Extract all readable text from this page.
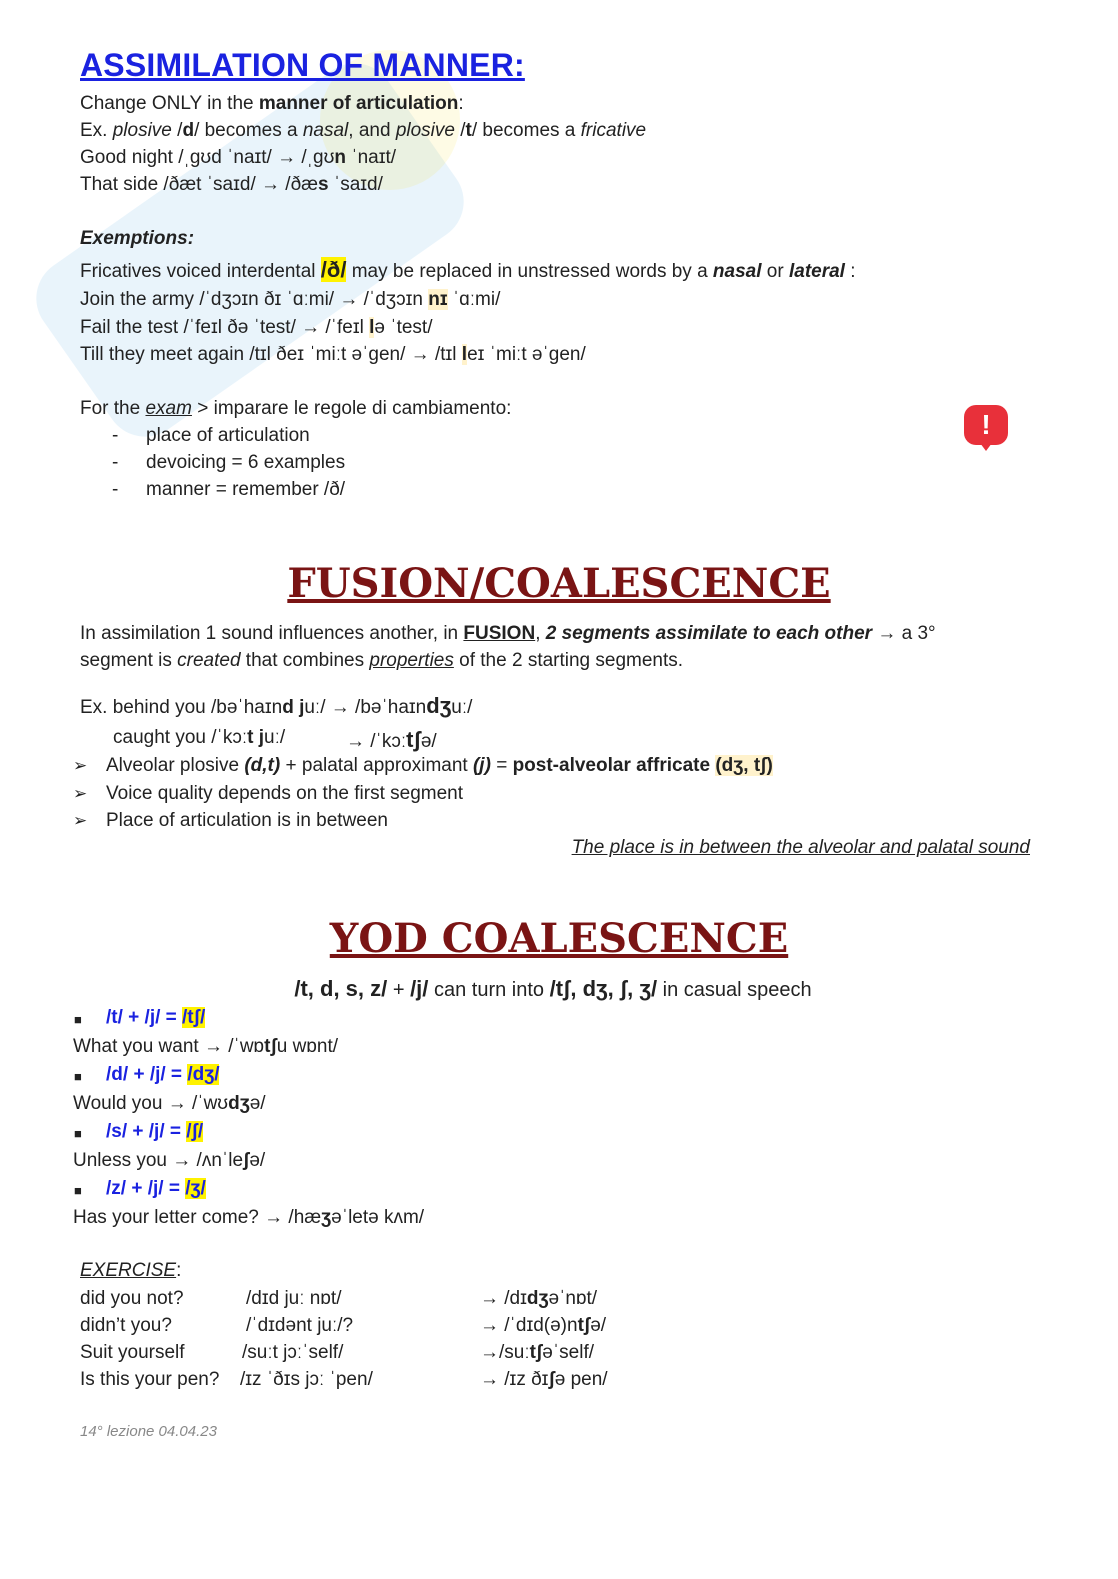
ASSIMILATION OF MANNER:
Change ONLY in the manner of articulation:
Ex. plosive /d/ becomes a nasal, and plosive /t/ becomes a fricative
Good night /ˌɡʊd ˈnaɪt/ → /ˌɡʊn ˈnaɪt/
That side /ðæt ˈsaɪd/ → /ðæs ˈsaɪd/
Exemptions:
Fricatives voiced interdental /ð/ may be replaced in unstressed words by a nasal or lateral :
Join the army /ˈdʒɔɪn ðɪ ˈɑːmi/ → /ˈdʒɔɪn nɪ ˈɑːmi/
Fail the test /ˈfeɪl ðə ˈtest/ → /ˈfeɪl lə ˈtest/
Till they meet again /tɪl ðeɪ ˈmiːt əˈɡen/ → /tɪl leɪ ˈmiːt əˈɡen/
For the exam > imparare le regole di cambiamento:
- place of articulation
- devoicing = 6 examples
- manner = remember /ð/
!
FUSION/COALESCENCE
In assimilation 1 sound influences another, in FUSION, 2 segments assimilate to each other → a 3°
segment is created that combines properties of the 2 starting segments.
Ex. behind you /bəˈhaɪnd juː/ → /bəˈhaɪndʒuː/
caught you /ˈkɔːt juː/	→ /ˈkɔːtʃə/
➢ Alveolar plosive (d,t) + palatal approximant (j) = post-alveolar affricate (dʒ, tʃ)
➢ Voice quality depends on the first segment
➢ Place of articulation is in between
The place is in between the alveolar and palatal sound
YOD COALESCENCE
/t, d, s, z/ + /j/ can turn into /tʃ, dʒ, ʃ, ʒ/ in casual speech
■ /t/ + /j/ = /tʃ/
What you want → /ˈwɒtʃu wɒnt/
■ /d/ + /j/ = /dʒ/
Would you → /ˈwʊdʒə/
■ /s/ + /j/ = /ʃ/
Unless you → /ʌnˈleʃə/
■ /z/ + /j/ = /ʒ/
Has your letter come? → /hæʒəˈletə kʌm/
EXERCISE:
did you not?	/dɪd juː nɒt/	→ /dɪdʒəˈnɒt/
didn’t you?	/ˈdɪdənt juː/?	→ /ˈdɪd(ə)ntʃə/
Suit yourself	/suːt jɔːˈself/	→/suːtʃəˈself/
Is this your pen? /ɪz ˈðɪs jɔː ˈpen/	→ /ɪz ðɪʃə pen/
14° lezione 04.04.23
